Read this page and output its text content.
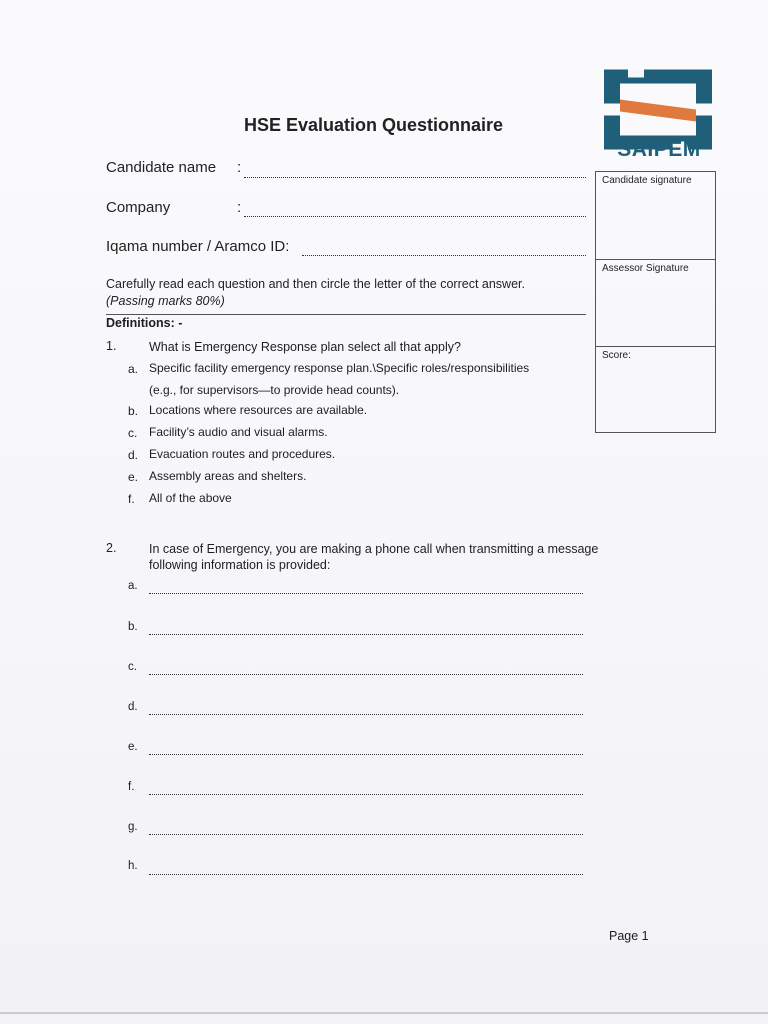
SAIPEM
HSE Evaluation Questionnaire
Candidate name :
Company	:
Iqama number / Aramco ID:
Candidate signature
Assessor Signature
Score:
Carefully read each question and then circle the letter of the correct answer.
(Passing marks 80%)
Definitions: -
1.	What is Emergency Response plan select all that apply?
a. Specific facility emergency response plan.\Specific roles/responsibilities
(e.g., for supervisors—to provide head counts).
b. Locations where resources are available.
c. Facility’s audio and visual alarms.
d. Evacuation routes and procedures.
e. Assembly areas and shelters.
f. All of the above
2.	In case of Emergency, you are making a phone call when transmitting a message
following information is provided:
a.
b.
c.
d.
e.
f.
g.
h.
Page 1
